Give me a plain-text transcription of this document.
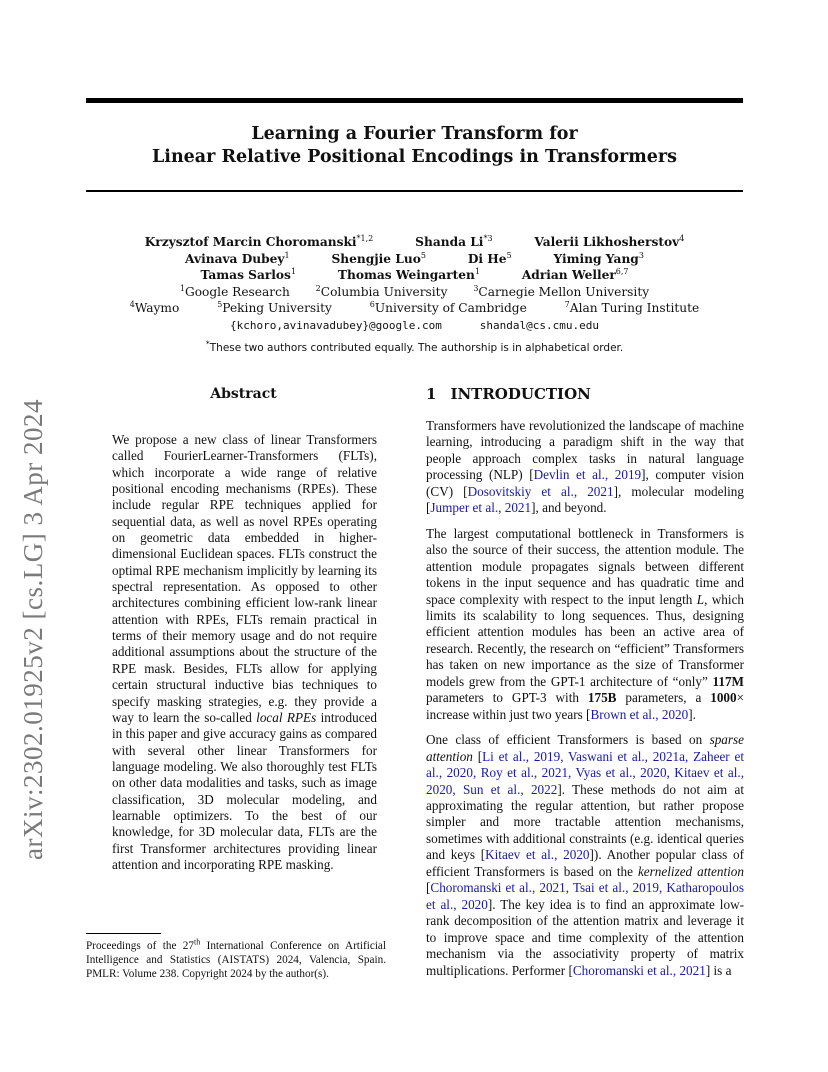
Learning a Fourier Transform for
Linear Relative Positional Encodings in Transformers
Krzysztof Marcin Choromanski$^{*1,2}$	Shanda Li$^{*3}$	Valerii Likhosherstov$^4$
Avinava Dubey$^1$	Shengjie Luo$^5$	Di He$^5$	Yiming Yang$^3$
Tamas Sarlos$^1$	Thomas Weingarten$^1$	Adrian Weller$^{6,7}$
$^1$Google Research	$^2$Columbia University	$^3$Carnegie Mellon University
$^4$Waymo	$^5$Peking University	$^6$University of Cambridge	$^7$Alan Turing Institute
{kchoro,avinavadubey}@google.com	shandal@cs.cmu.edu
*These two authors contributed equally. The authorship is in alphabetical order.
arXiv:2302.01925v2 [cs.LG] 3 Apr 2024
Abstract
We propose a new class of linear Transformers called FourierLearner-Transformers (FLTs), which incorporate a wide range of relative positional encoding mechanisms (RPEs). These include regular RPE techniques applied for sequential data, as well as novel RPEs operating on geometric data embedded in higher-dimensional Euclidean spaces. FLTs construct the optimal RPE mechanism implicitly by learning its spectral representation. As opposed to other architectures combining efficient low-rank linear attention with RPEs, FLTs remain practical in terms of their memory usage and do not require additional assumptions about the structure of the RPE mask. Besides, FLTs allow for applying certain structural inductive bias techniques to specify masking strategies, e.g. they provide a way to learn the so-called local RPEs introduced in this paper and give accuracy gains as compared with several other linear Transformers for language modeling. We also thoroughly test FLTs on other data modalities and tasks, such as image classification, 3D molecular modeling, and learnable optimizers. To the best of our knowledge, for 3D molecular data, FLTs are the first Transformer architectures providing linear attention and incorporating RPE masking.
Proceedings of the 27th International Conference on Artificial Intelligence and Statistics (AISTATS) 2024, Valencia, Spain. PMLR: Volume 238. Copyright 2024 by the author(s).
1 INTRODUCTION

Transformers have revolutionized the landscape of machine learning, introducing a paradigm shift in the way that people approach complex tasks in natural language processing (NLP) [Devlin et al., 2019], computer vision (CV) [Dosovitskiy et al., 2021], molecular modeling [Jumper et al., 2021], and beyond.

The largest computational bottleneck in Transformers is also the source of their success, the attention module. The attention module propagates signals between different tokens in the input sequence and has quadratic time and space complexity with respect to the input length L, which limits its scalability to long sequences. Thus, designing efficient attention modules has been an active area of research. Recently, the research on “efficient” Transformers has taken on new importance as the size of Transformer models grew from the GPT-1 architecture of “only” 117M parameters to GPT-3 with 175B parameters, a 1000× increase within just two years [Brown et al., 2020].

One class of efficient Transformers is based on sparse attention [Li et al., 2019, Vaswani et al., 2021a, Zaheer et al., 2020, Roy et al., 2021, Vyas et al., 2020, Kitaev et al., 2020, Sun et al., 2022]. These methods do not aim at approximating the regular attention, but rather propose simpler and more tractable attention mechanisms, sometimes with additional constraints (e.g. identical queries and keys [Kitaev et al., 2020]). Another popular class of efficient Transformers is based on the kernelized attention [Choromanski et al., 2021, Tsai et al., 2019, Katharopoulos et al., 2020]. The key idea is to find an approximate low-rank decomposition of the attention matrix and leverage it to improve space and time complexity of the attention mechanism via the associativity property of matrix multiplications. Performer [Choromanski et al., 2021] is a
